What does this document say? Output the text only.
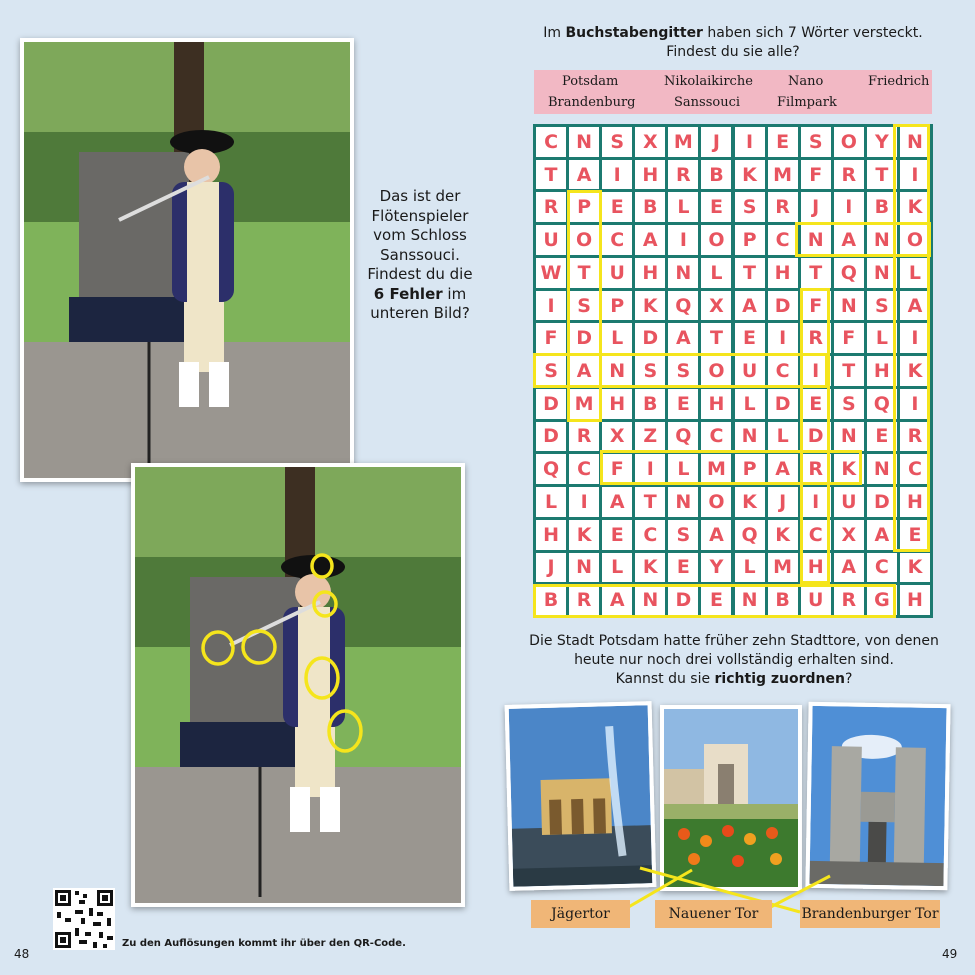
Das ist der
Flötenspieler
vom Schloss
Sanssouci.
Findest du die
6 Fehler im
unteren Bild?
Zu den Auflösungen kommt ihr über den QR-Code.
48
Im Buchstabengitter haben sich 7 Wörter versteckt.
Findest du sie alle?
Potsdam	Nikolaikirche	Nano	Friedrich
Brandenburg	Sanssouci	Filmpark
C N S X M	J	I	E	S O Y N
T	A	I	H R B K M F	R	T	I
R P	E	B	L	E	S R	J	I	B K
U O C A	I	O P	C N A N O
W T U H N	L	T H T Q N	L
I	S	P K Q X A D F N S A
F D	L	D A	T	E	I	R	F	L	I
S A N S	S O U C	I	T H K
D M H B	E H	L	D E	S Q	I
D R X Z Q C N	L	D N E	R
Q C	F	I	L M P A R K N C
L	I	A	T N O K	J	I	U D H
H K	E	C	S A Q K C X A	E
J	N	L	K	E	Y	L M H A C K
B R A N D E N B U R G H
Die Stadt Potsdam hatte früher zehn Stadttore, von denen
heute nur noch drei vollständig erhalten sind.
Kannst du sie richtig zuordnen?
Jägertor	Nauener Tor	Brandenburger Tor
49
